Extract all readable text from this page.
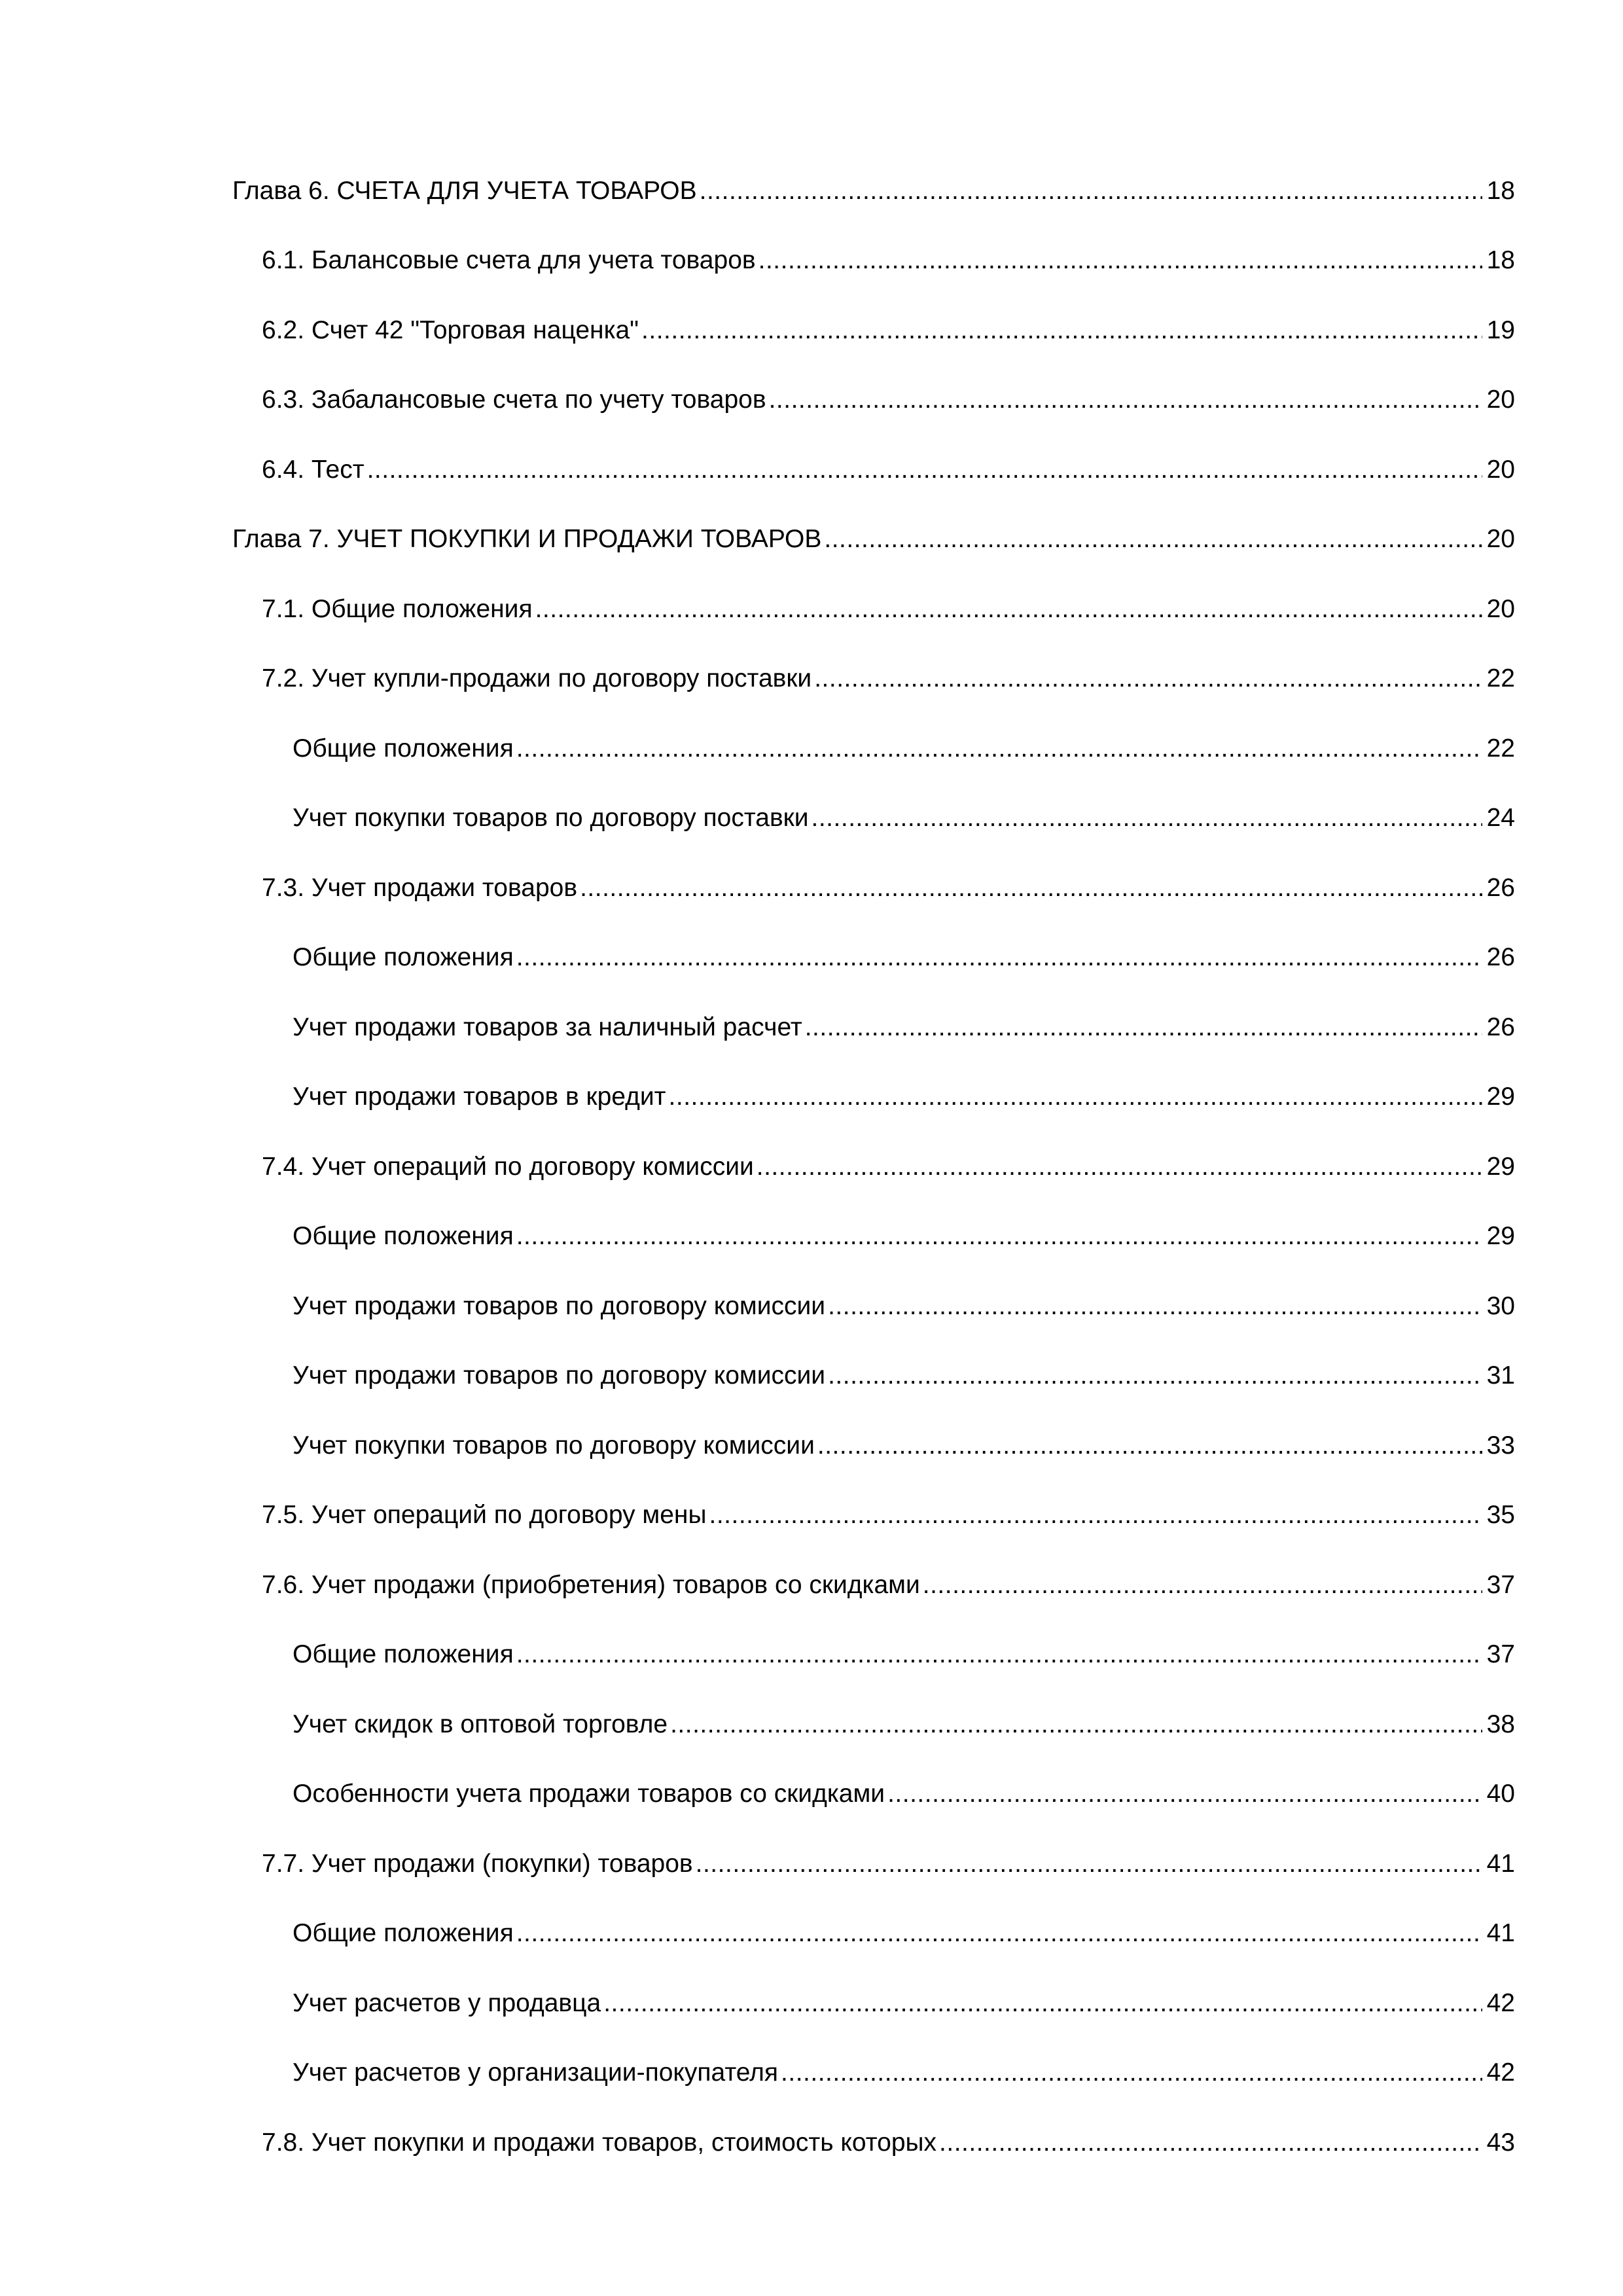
Глава 6. СЧЕТА ДЛЯ УЧЕТА ТОВАРОВ .....	18
6.1. Балансовые счета для учета товаров .....	18
6.2. Счет 42 "Торговая наценка" .....	19
6.3. Забалансовые счета по учету товаров .....	20
6.4. Тест .....	20
Глава 7. УЧЕТ ПОКУПКИ И ПРОДАЖИ ТОВАРОВ .....	20
7.1. Общие положения .....	20
7.2. Учет купли-продажи по договору поставки .....	22
Общие положения .....	22
Учет покупки товаров по договору поставки .....	24
7.3. Учет продажи товаров .....	26
Общие положения .....	26
Учет продажи товаров за наличный расчет .....	26
Учет продажи товаров в кредит .....	29
7.4. Учет операций по договору комиссии .....	29
Общие положения .....	29
Учет продажи товаров по договору комиссии .....	30
Учет продажи товаров по договору комиссии .....	31
Учет покупки товаров по договору комиссии .....	33
7.5. Учет операций по договору мены .....	35
7.6. Учет продажи (приобретения) товаров со скидками .....	37
Общие положения .....	37
Учет скидок в оптовой торговле .....	38
Особенности учета продажи товаров со скидками .....	40
7.7. Учет продажи (покупки) товаров .....	41
Общие положения .....	41
Учет расчетов у продавца .....	42
Учет расчетов у организации-покупателя .....	42
7.8. Учет покупки и продажи товаров, стоимость которых .....	43
